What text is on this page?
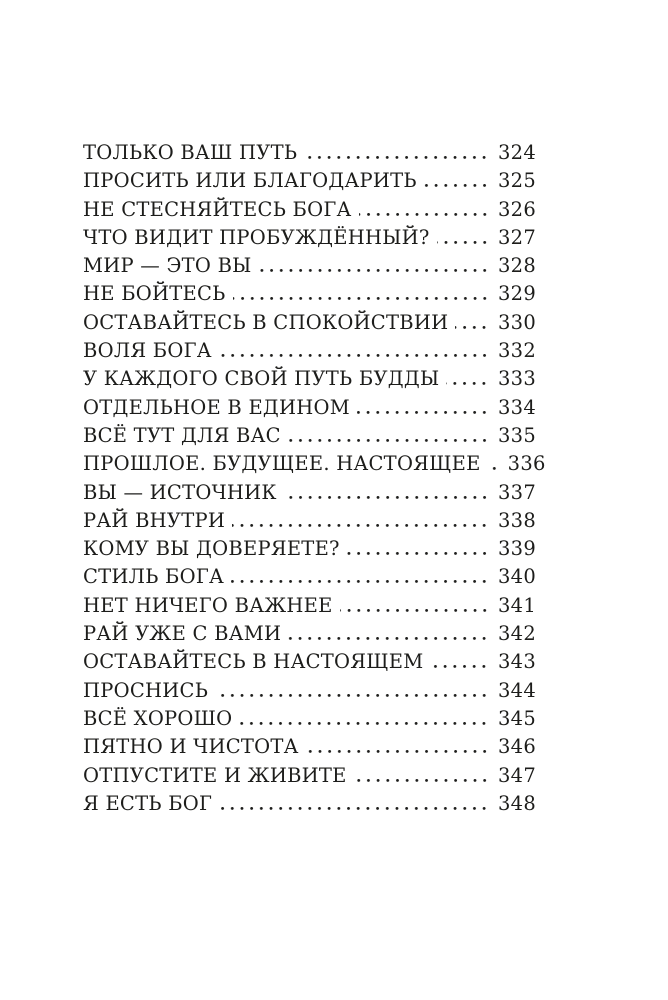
ТОЛЬКО ВАШ ПУТЬ	324
ПРОСИТЬ ИЛИ БЛАГОДАРИТЬ	325
НЕ СТЕСНЯЙТЕСЬ БОГА	326
ЧТО ВИДИТ ПРОБУЖДЁННЫЙ?	327
МИР — ЭТО ВЫ	328
НЕ БОЙТЕСЬ	329
ОСТАВАЙТЕСЬ В СПОКОЙСТВИИ	330
ВОЛЯ БОГА	332
У КАЖДОГО СВОЙ ПУТЬ БУДДЫ	333
ОТДЕЛЬНОЕ В ЕДИНОМ	334
ВСЁ ТУТ ДЛЯ ВАС	335
ПРОШЛОЕ. БУДУЩЕЕ. НАСТОЯЩЕЕ 336
ВЫ — ИСТОЧНИК	337
РАЙ ВНУТРИ	338
КОМУ ВЫ ДОВЕРЯЕТЕ?	339
СТИЛЬ БОГА	340
НЕТ НИЧЕГО ВАЖНЕЕ	341
РАЙ УЖЕ С ВАМИ	342
ОСТАВАЙТЕСЬ В НАСТОЯЩЕМ	343
ПРОСНИСЬ	344
ВСЁ ХОРОШО	345
ПЯТНО И ЧИСТОТА	346
ОТПУСТИТЕ И ЖИВИТЕ	347
Я ЕСТЬ БОГ	348
